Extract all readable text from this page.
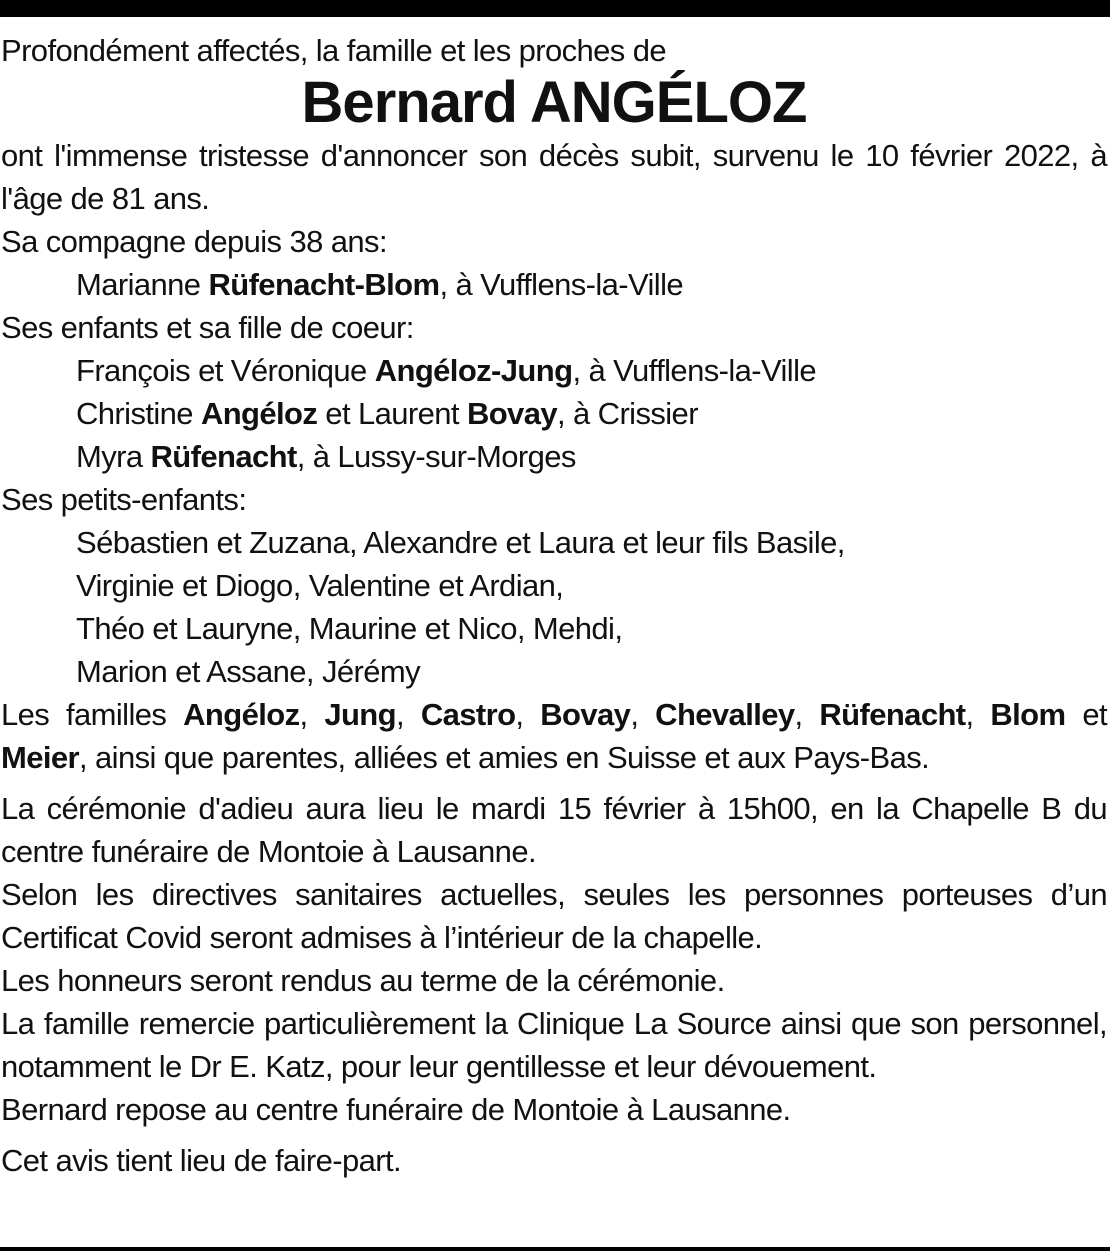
Profondément affectés, la famille et les proches de

Bernard ANGÉLOZ

ont l'immense tristesse d'annoncer son décès subit, survenu le 10 février 2022, à l'âge de 81 ans.

Sa compagne depuis 38 ans:

Marianne Rüfenacht-Blom, à Vufflens-la-Ville

Ses enfants et sa fille de coeur:

François et Véronique Angéloz-Jung, à Vufflens-la-Ville

Christine Angéloz et Laurent Bovay, à Crissier

Myra Rüfenacht, à Lussy-sur-Morges

Ses petits-enfants:

Sébastien et Zuzana, Alexandre et Laura et leur fils Basile,

Virginie et Diogo, Valentine et Ardian,

Théo et Lauryne, Maurine et Nico, Mehdi,

Marion et Assane, Jérémy

Les familles Angéloz, Jung, Castro, Bovay, Chevalley, Rüfenacht, Blom et Meier, ainsi que parentes, alliées et amies en Suisse et aux Pays-Bas.

La cérémonie d'adieu aura lieu le mardi 15 février à 15h00, en la Chapelle B du centre funéraire de Montoie à Lausanne.

Selon les directives sanitaires actuelles, seules les personnes porteuses d’un Certificat Covid seront admises à l’intérieur de la chapelle.

Les honneurs seront rendus au terme de la cérémonie.

La famille remercie particulièrement la Clinique La Source ainsi que son personnel, notamment le Dr E. Katz, pour leur gentillesse et leur dévouement.

Bernard repose au centre funéraire de Montoie à Lausanne.

Cet avis tient lieu de faire-part.
